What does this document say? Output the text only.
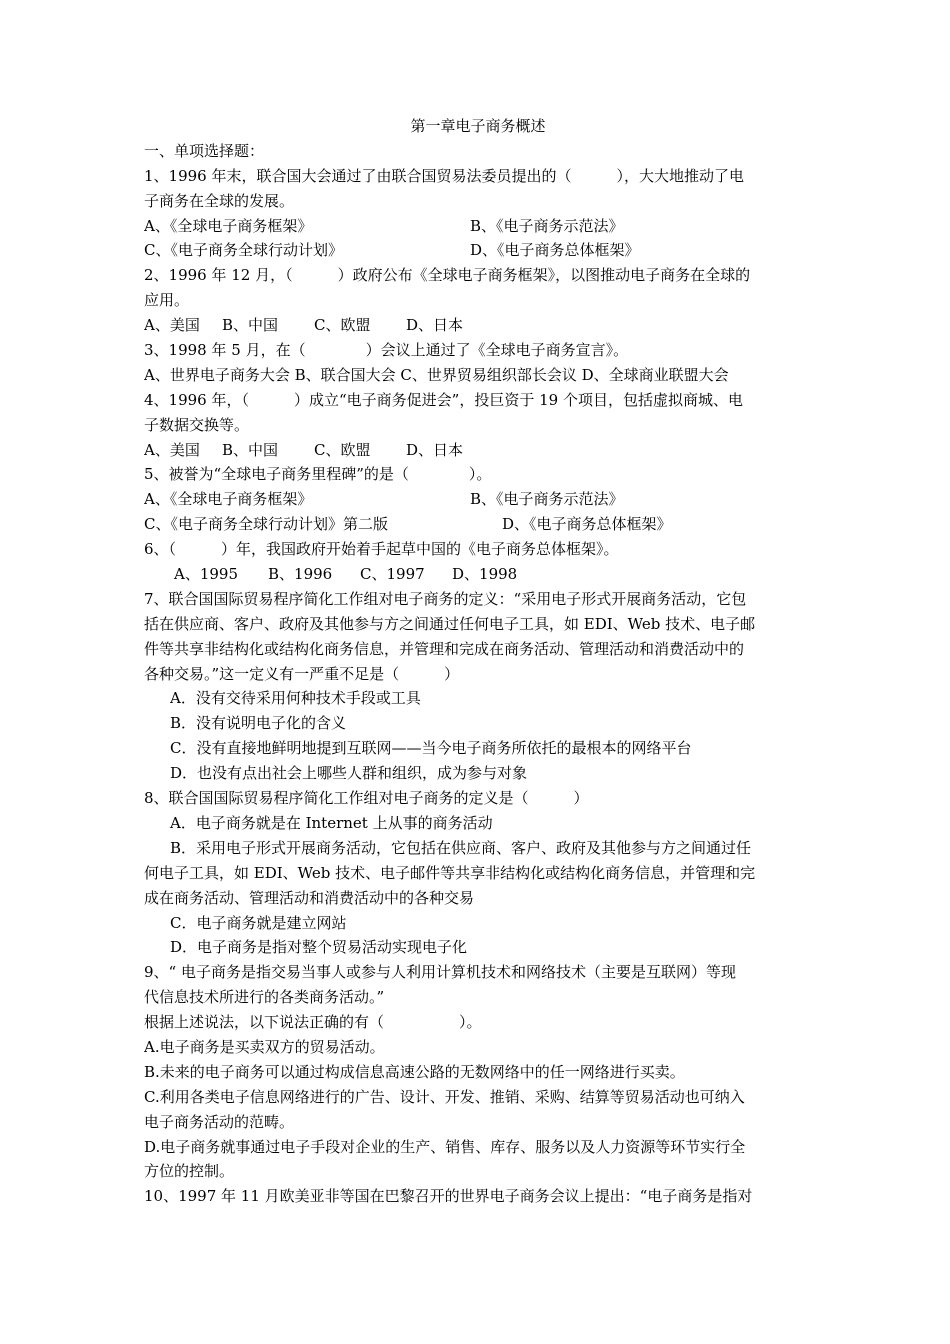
第一章电子商务概述
一、单项选择题：
1、1996 年末，联合国大会通过了由联合国贸易法委员提出的（　　　），大大地推动了电
子商务在全球的发展。
A、《全球电子商务框架》	B、《电子商务示范法》
C、《电子商务全球行动计划》	D、《电子商务总体框架》
2、1996 年 12 月，（　　　）政府公布《全球电子商务框架》，以图推动电子商务在全球的
应用。
A、美国	B、中国	C、欧盟	D、日本
3、1998 年 5 月，在（　　　　）会议上通过了《全球电子商务宣言》。
A、世界电子商务大会 B、联合国大会 C、世界贸易组织部长会议 D、全球商业联盟大会
4、1996 年，（　　　）成立“电子商务促进会”，投巨资于 19 个项目，包括虚拟商城、电
子数据交换等。
A、美国	B、中国	C、欧盟	D、日本
5、被誉为“全球电子商务里程碑”的是（　　　　）。
A、《全球电子商务框架》	B、《电子商务示范法》
C、《电子商务全球行动计划》第二版	D、《电子商务总体框架》
6、（　　　）年，我国政府开始着手起草中国的《电子商务总体框架》。
A、1995	B、1996	C、1997	D、1998
7、联合国国际贸易程序简化工作组对电子商务的定义：“采用电子形式开展商务活动，它包
括在供应商、客户、政府及其他参与方之间通过任何电子工具，如 EDI、Web 技术、电子邮
件等共享非结构化或结构化商务信息，并管理和完成在商务活动、管理活动和消费活动中的
各种交易。”这一定义有一严重不足是（　　　）
A．没有交待采用何种技术手段或工具
B．没有说明电子化的含义
C．没有直接地鲜明地提到互联网——当今电子商务所依托的最根本的网络平台
D．也没有点出社会上哪些人群和组织，成为参与对象
8、联合国国际贸易程序简化工作组对电子商务的定义是（　　　）
A．电子商务就是在 Internet 上从事的商务活动
B．采用电子形式开展商务活动，它包括在供应商、客户、政府及其他参与方之间通过任
何电子工具，如 EDI、Web 技术、电子邮件等共享非结构化或结构化商务信息，并管理和完
成在商务活动、管理活动和消费活动中的各种交易
C．电子商务就是建立网站
D．电子商务是指对整个贸易活动实现电子化
9、“ 电子商务是指交易当事人或参与人利用计算机技术和网络技术（主要是互联网）等现
代信息技术所进行的各类商务活动。”
根据上述说法，以下说法正确的有（　　　　　）。
A.电子商务是买卖双方的贸易活动。
B.未来的电子商务可以通过构成信息高速公路的无数网络中的任一网络进行买卖。
C.利用各类电子信息网络进行的广告、设计、开发、推销、采购、结算等贸易活动也可纳入
电子商务活动的范畴。
D.电子商务就事通过电子手段对企业的生产、销售、库存、服务以及人力资源等环节实行全
方位的控制。
10、1997 年 11 月欧美亚非等国在巴黎召开的世界电子商务会议上提出：“电子商务是指对
